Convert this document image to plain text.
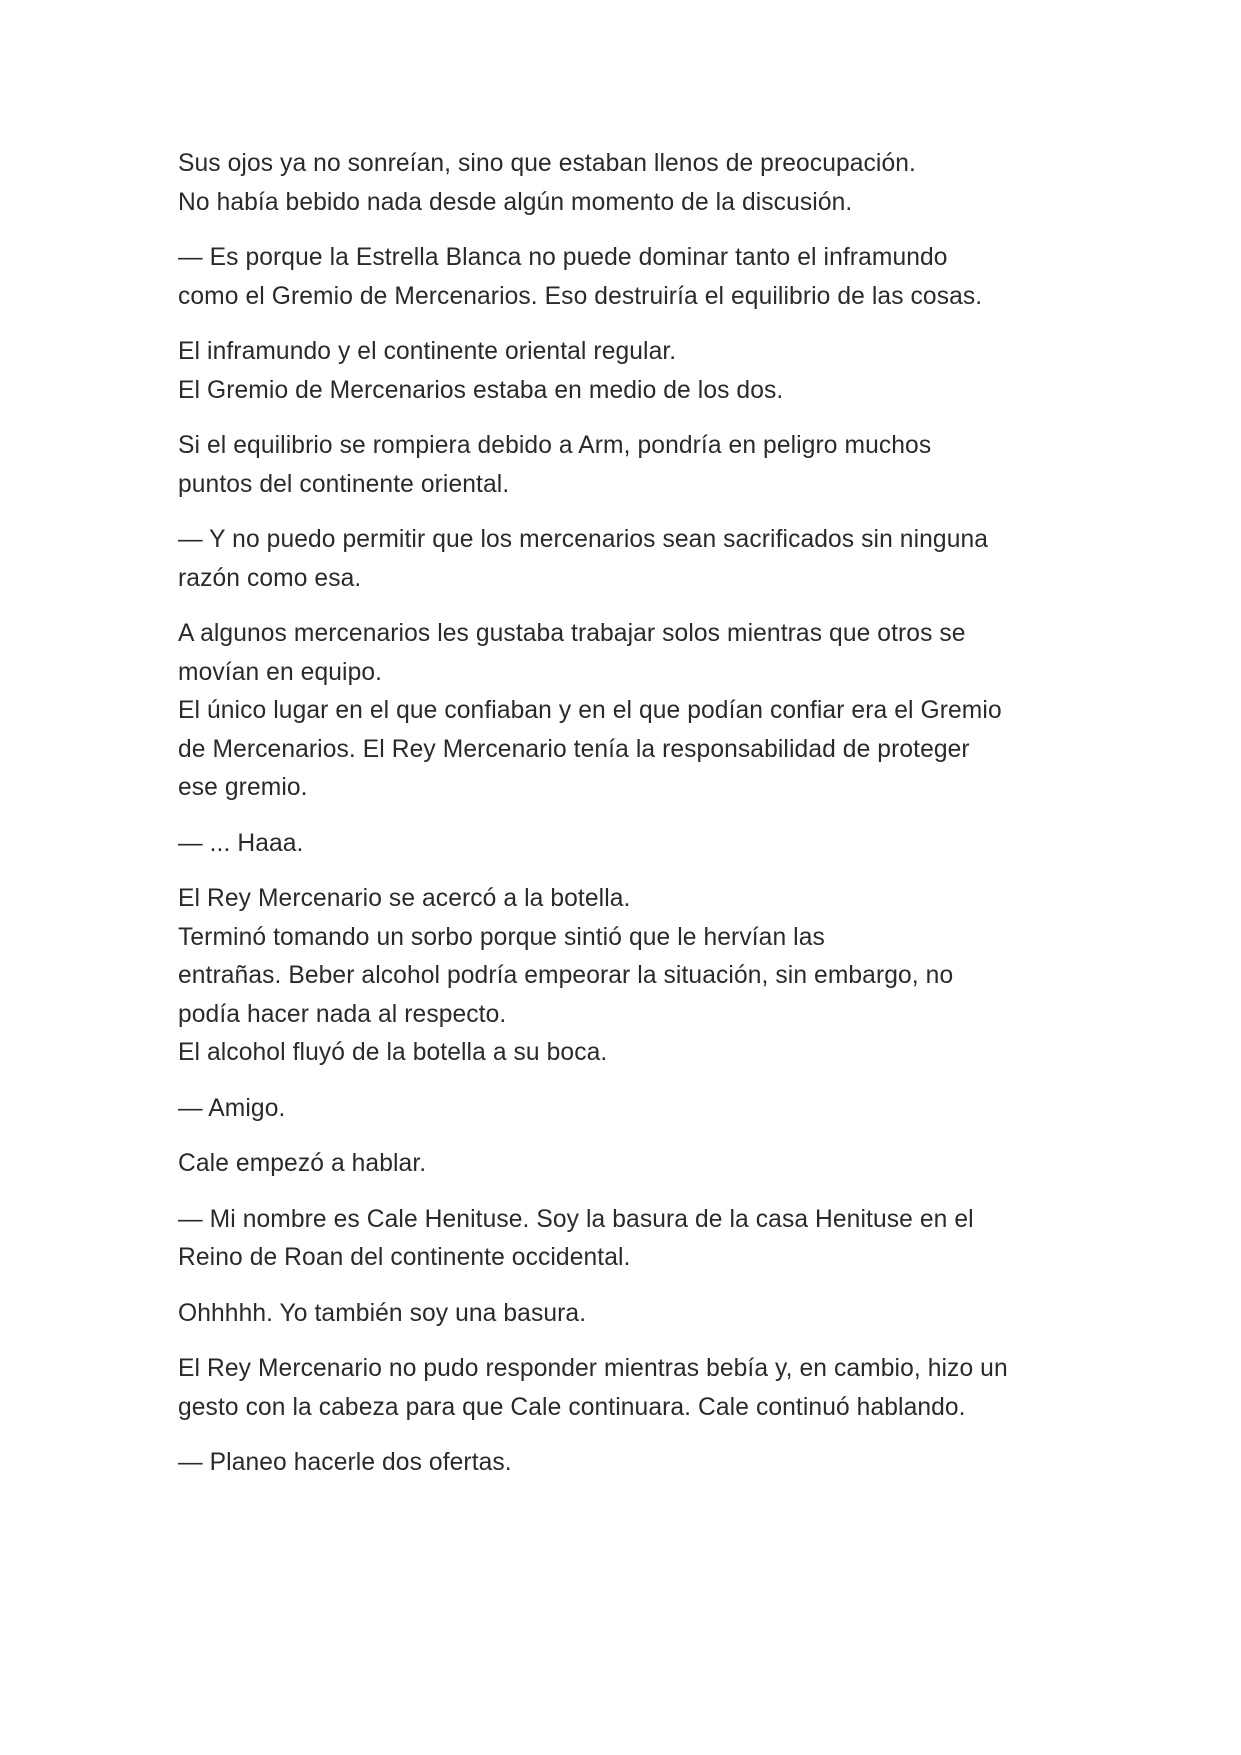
Sus ojos ya no sonreían, sino que estaban llenos de preocupación.
No había bebido nada desde algún momento de la discusión.
— Es porque la Estrella Blanca no puede dominar tanto el inframundo
como el Gremio de Mercenarios. Eso destruiría el equilibrio de las cosas.
El inframundo y el continente oriental regular.
El Gremio de Mercenarios estaba en medio de los dos.
Si el equilibrio se rompiera debido a Arm, pondría en peligro muchos
puntos del continente oriental.
— Y no puedo permitir que los mercenarios sean sacrificados sin ninguna
razón como esa.
A algunos mercenarios les gustaba trabajar solos mientras que otros se
movían en equipo.
El único lugar en el que confiaban y en el que podían confiar era el Gremio
de Mercenarios. El Rey Mercenario tenía la responsabilidad de proteger
ese gremio.
— ... Haaa.
El Rey Mercenario se acercó a la botella.
Terminó tomando un sorbo porque sintió que le hervían las
entrañas. Beber alcohol podría empeorar la situación, sin embargo, no
podía hacer nada al respecto.
El alcohol fluyó de la botella a su boca.
— Amigo.
Cale empezó a hablar.
— Mi nombre es Cale Henituse. Soy la basura de la casa Henituse en el
Reino de Roan del continente occidental.
Ohhhhh. Yo también soy una basura.
El Rey Mercenario no pudo responder mientras bebía y, en cambio, hizo un
gesto con la cabeza para que Cale continuara. Cale continuó hablando.
— Planeo hacerle dos ofertas.
